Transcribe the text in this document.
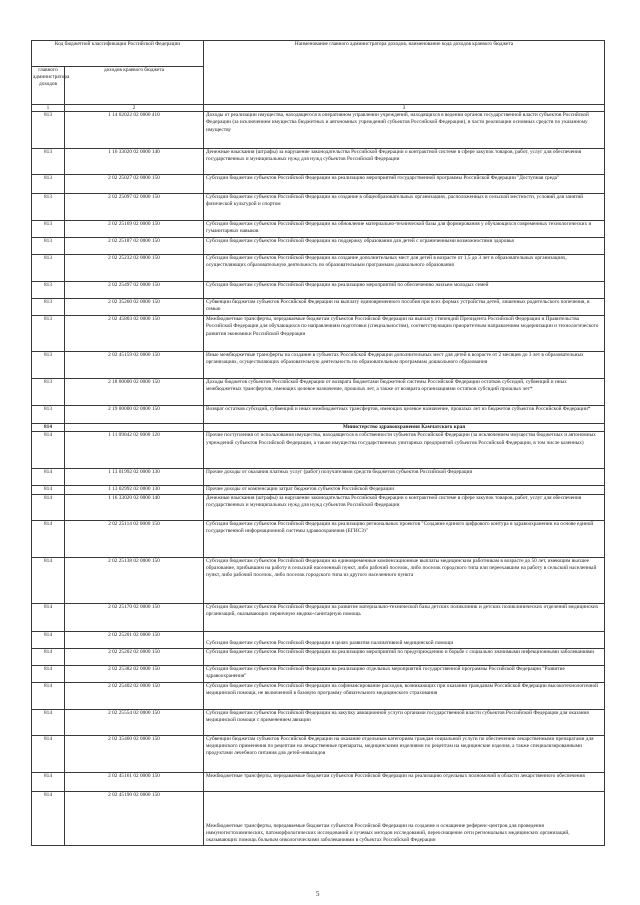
Код бюджетной классификации Российской Федерации		Наименование главного администратора доходов, наименование кода доходов краевого бюджета
главного администратора доходов	доходов краевого бюджета	
1	2	3
813	1 14 02022 02 0000 410	Доходы от реализации имущества, находящегося в оперативном управлении учреждений, находящихся в ведении органов государственной власти субъектов Российской Федерации (за исключением имущества бюджетных и автономных учреждений субъектов Российской Федерации), в части реализации основных средств по указанному имуществу
813	1 16 33020 02 0000 140	Денежные взыскания (штрафы) за нарушение законодательства Российской Федерации о контрактной системе в сфере закупок товаров, работ, услуг для обеспечения государственных и муниципальных нужд для нужд субъектов Российской Федерации
813	2 02 25027 02 0000 150	Субсидии бюджетам субъектов Российской Федерации на реализацию мероприятий государственной программы Российской Федерации "Доступная среда"
813	2 02 25097 02 0000 150	Субсидии бюджетам субъектов Российской Федерации на создание в общеобразовательных организациях, расположенных в сельской местности, условий для занятий физической культурой и спортом
813	2 02 25169 02 0000 150	Субсидии бюджетам субъектов Российской Федерации на обновление материально-технической базы для формирования у обучающихся современных технологических и гуманитарных навыков
813	2 02 25187 02 0000 150	Субсидии бюджетам субъектов Российской Федерации на поддержку образования для детей с ограниченными возможностями здоровья
813	2 02 25232 02 0000 150	Субсидии бюджетам субъектов Российской Федерации на создание дополнительных мест для детей в возрасте от 1,5 до 3 лет в образовательных организациях, осуществляющих образовательную деятельность по образовательным программам дошкольного образования
813	2 02 25497 02 0000 150	Субсидии бюджетам субъектов Российской Федерации на реализацию мероприятий по обеспечению жильем молодых семей
813	2 02 35260 02 0000 150	Субвенции бюджетам субъектов Российской Федерации на выплату единовременного пособия при всех формах устройства детей, лишенных родительского попечения, в семью
813	2 02 45803 02 0000 150	Межбюджетные трансферты, передаваемые бюджетам субъектов Российской Федерации на выплату стипендий Президента Российской Федерации и Правительства Российской Федерации для обучающихся по направлениям подготовки (специальностям), соответствующим приоритетным направлениям модернизации и технологического развития экономики Российской Федерации
813	2 02 45159 02 0000 150	Иные межбюджетные трансферты на создание в субъектах Российской Федерации дополнительных мест для детей в возрасте от 2 месяцев до 3 лет в образовательных организациях, осуществляющих образовательную деятельность по образовательным программам дошкольного образования
813	2 18 00000 02 0000 150	Доходы бюджетов субъектов Российской Федерации от возврата бюджетами бюджетной системы Российской Федерации остатков субсидий, субвенций и иных межбюджетных трансфертов, имеющих целевое назначение, прошлых лет, а также от возврата организациями остатков субсидий прошлых лет*
813	2 19 00000 02 0000 150	Возврат остатков субсидий, субвенций и иных межбюджетных трансфертов, имеющих целевое назначение, прошлых лет из бюджетов субъектов Российской Федерации*
814		Министерство здравоохранения Камчатского края
814	1 11 09042 02 0000 120	Прочие поступления от использования имущества, находящегося в собственности субъектов Российской Федерации (за исключением имущества бюджетных и автономных учреждений субъектов Российской Федерации, а также имущества государственных унитарных предприятий субъектов Российской Федерации, в том числе казенных)
814	1 13 01992 02 0000 130	Прочие доходы от оказания платных услуг (работ) получателями средств бюджетов субъектов Российской Федерации
814	1 13 02992 02 0000 130	Прочие доходы от компенсации затрат бюджетов субъектов Российской Федерации
814	1 16 33020 02 0000 140	Денежные взыскания (штрафы) за нарушение законодательства Российской Федерации о контрактной системе в сфере закупок товаров, работ, услуг для обеспечения государственных и муниципальных нужд для нужд субъектов Российской Федерации
814	2 02 25114 02 0000 150	Субсидии бюджетам субъектов Российской Федерации на реализацию региональных проектов "Создание единого цифрового контура в здравоохранении на основе единой государственной информационной системы здравоохранения (ЕГИСЗ)"
814	2 02 25138 02 0000 150	Субсидии бюджетам субъектов Российской Федерации на единовременные компенсационные выплаты медицинским работникам в возрасте до 50 лет, имеющим высшее образование, прибывшим на работу в сельский населенный пункт, либо рабочий поселок, либо поселок городского типа или переехавшим на работу в сельский населенный пункт, либо рабочий поселок, либо поселок городского типа из другого населенного пункта
814	2 02 25170 02 0000 150	Субсидии бюджетам субъектов Российской Федерации на развитие материально-технической базы детских поликлиник и детских поликлинических отделений медицинских организаций, оказывающих первичную медико-санитарную помощь
814	2 02 25201 02 0000 150	Субсидии бюджетам субъектов Российской Федерации в целях развития паллиативной медицинской помощи
814	2 02 25202 02 0000 150	Субсидии бюджетам субъектов Российской Федерации на реализацию мероприятий по предупреждению и борьбе с социально значимыми инфекционными заболеваниями
814	2 02 25382 02 0000 150	Субсидии бюджетам субъектов Российской Федерации на реализацию отдельных мероприятий государственной программы Российской Федерации "Развитие здравоохранения"
814	2 02 25402 02 0000 150	Субсидии бюджетам субъектов Российской Федерации на софинансирование расходов, возникающих при оказании гражданам Российской Федерации высокотехнологичной медицинской помощи, не включенной в базовую программу обязательного медицинского страхования
814	2 02 25554 02 0000 150	Субсидии бюджетам субъектов Российской Федерации на закупку авиационной услуги органами государственной власти субъектов Российской Федерации для оказания медицинской помощи с применением авиации
814	2 02 35460 02 0000 150	Субвенции бюджетам субъектов Российской Федерации на оказание отдельным категориям граждан социальной услуги по обеспечению лекарственными препаратами для медицинского применения по рецептам на лекарственные препараты, медицинскими изделиями по рецептам на медицинские изделия, а также специализированными продуктами лечебного питания для детей-инвалидов
814	2 02 45161 02 0000 150	Межбюджетные трансферты, передаваемые бюджетам субъектов Российской Федерации на реализацию отдельных полномочий в области лекарственного обеспечения
814	2 02 45190 02 0000 150	Межбюджетные трансферты, передаваемые бюджетам субъектов Российской Федерации на создание и оснащение референс-центров для проведения иммуногистохимических, патоморфологических исследований и лучевых методов исследований, переоснащение сети региональных медицинских организаций, оказывающих помощь больным онкологическими заболеваниями в субъектах Российской Федерации
5
